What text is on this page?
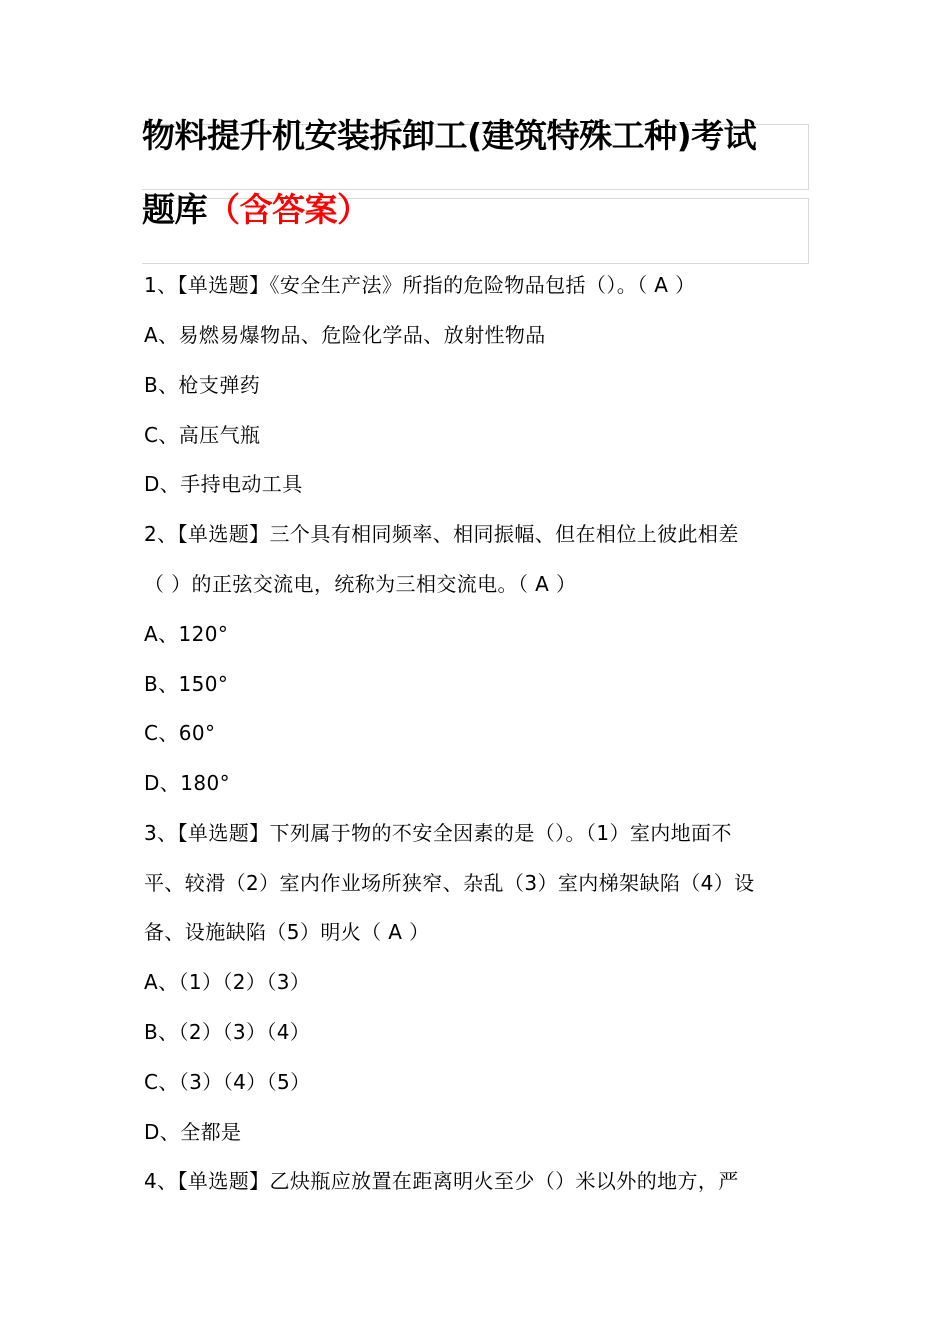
物料提升机安装拆卸工(建筑特殊工种)考试
题库（含答案）
1、【单选题】《安全生产法》所指的危险物品包括（）。（ A ）
A、易燃易爆物品、危险化学品、放射性物品
B、枪支弹药
C、高压气瓶
D、手持电动工具
2、【单选题】三个具有相同频率、相同振幅、但在相位上彼此相差
（ ）的正弦交流电，统称为三相交流电。（ A ）
A、120°
B、150°
C、60°
D、180°
3、【单选题】下列属于物的不安全因素的是（）。（1）室内地面不
平、较滑（2）室内作业场所狭窄、杂乱（3）室内梯架缺陷（4）设
备、设施缺陷（5）明火（ A ）
A、（1）（2）（3）
B、（2）（3）（4）
C、（3）（4）（5）
D、全都是
4、【单选题】乙炔瓶应放置在距离明火至少（）米以外的地方，严
